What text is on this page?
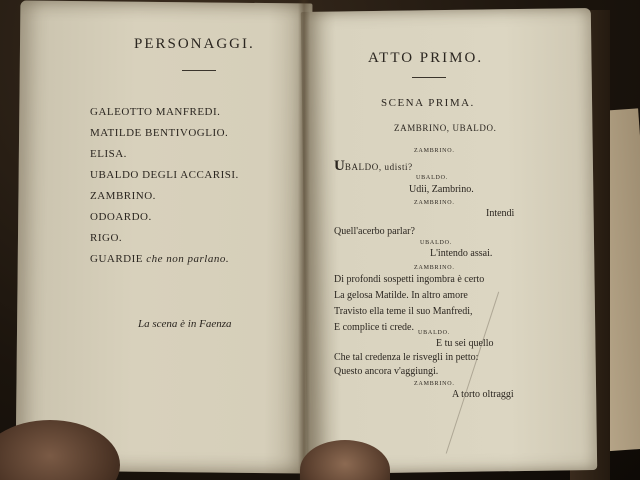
PERSONAGGI.
GALEOTTO MANFREDI.
MATILDE BENTIVOGLIO.
ELISA.
UBALDO DEGLI ACCARISI.
ZAMBRINO.
ODOARDO.
RIGO.
GUARDIE che non parlano.
La scena è in Faenza
ATTO PRIMO.
SCENA PRIMA.
ZAMBRINO, UBALDO.
ZAMBRINO.
UBALDO, udisti?
UBALDO.
Udii, Zambrino.
ZAMBRINO.
Intendi
Quell'acerbo parlar?
UBALDO.
L'intendo assai.
ZAMBRINO.
Di profondi sospetti ingombra è certo
La gelosa Matilde. In altro amore
Travisto ella teme il suo Manfredi,
E complice ti crede. UBALDO.
E tu sei quello
Che tal credenza le risvegli in petto:
Questo ancora v'aggiungi.
ZAMBRINO.
A torto oltraggi
